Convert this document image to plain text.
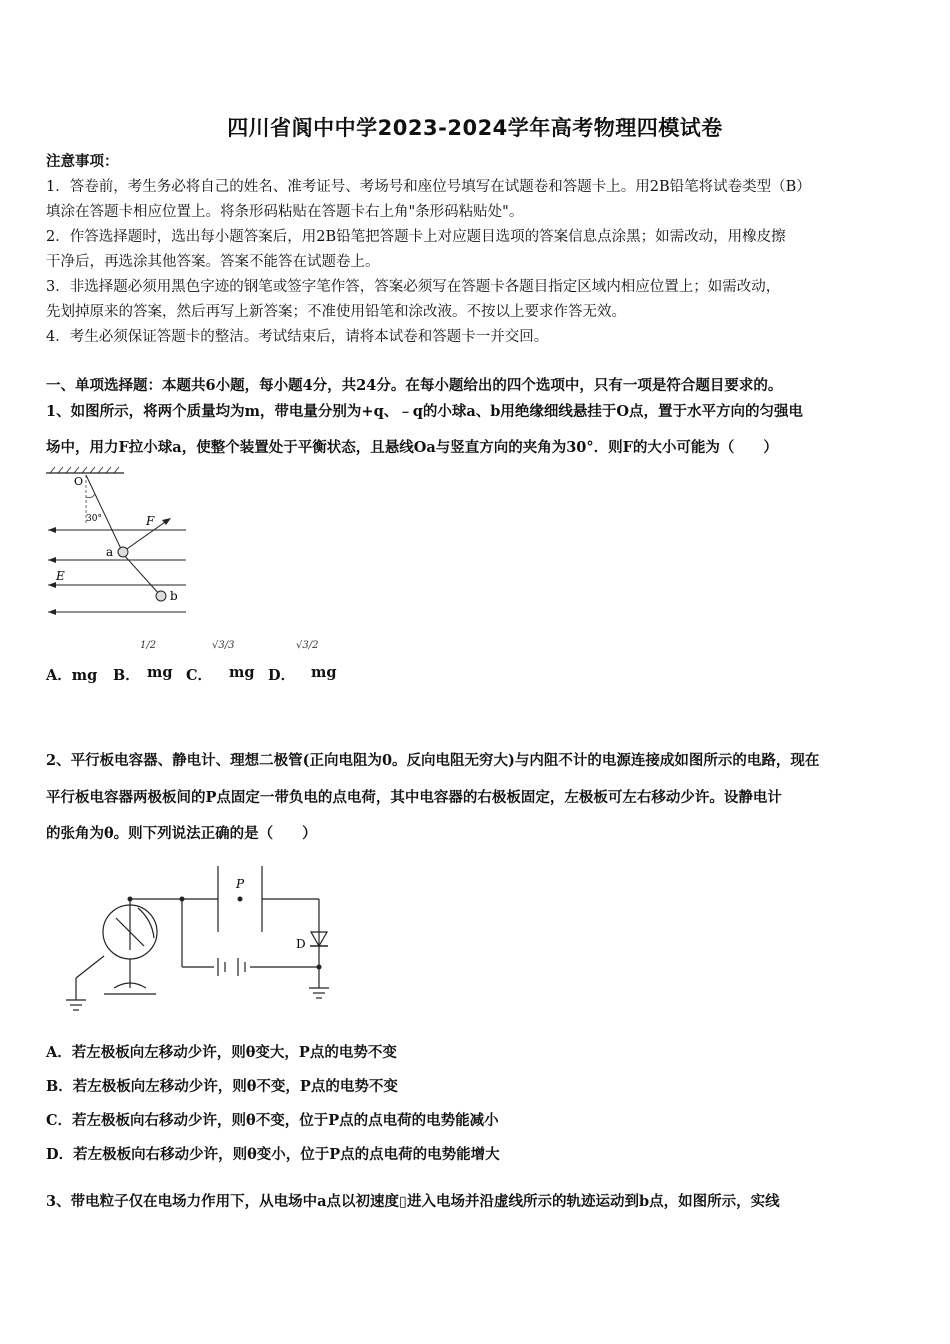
四川省阆中中学2023-2024学年高考物理四模试卷
注意事项：
1．答卷前，考生务必将自己的姓名、准考证号、考场号和座位号填写在试题卷和答题卡上。用2B铅笔将试卷类型（B）
填涂在答题卡相应位置上。将条形码粘贴在答题卡右上角"条形码粘贴处"。
2．作答选择题时，选出每小题答案后，用2B铅笔把答题卡上对应题目选项的答案信息点涂黑；如需改动，用橡皮擦
干净后，再选涂其他答案。答案不能答在试题卷上。
3．非选择题必须用黑色字迹的钢笔或签字笔作答，答案必须写在答题卡各题目指定区域内相应位置上；如需改动，
先划掉原来的答案，然后再写上新答案；不准使用铅笔和涂改液。不按以上要求作答无效。
4．考生必须保证答题卡的整洁。考试结束后，请将本试卷和答题卡一并交回。
一、单项选择题：本题共6小题，每小题4分，共24分。在每小题给出的四个选项中，只有一项是符合题目要求的。
1、如图所示，将两个质量均为m，带电量分别为+q、﹣q的小球a、b用绝缘细线悬挂于O点，置于水平方向的匀强电
场中，用力F拉小球a，使整个装置处于平衡状态，且悬线Oa与竖直方向的夹角为30°．则F的大小可能为（　　）
O
30°	F
E
a
b
A．mg B．
1/2
mg C．
√3/3
mg D．
√3/2
mg
2、平行板电容器、静电计、理想二极管(正向电阻为0。反向电阻无穷大)与内阻不计的电源连接成如图所示的电路，现在
平行板电容器两极板间的P点固定一带负电的点电荷，其中电容器的右极板固定，左极板可左右移动少许。设静电计
的张角为θ。则下列说法正确的是（　　）
P
D
A．若左极板向左移动少许，则θ变大，P点的电势不变
B．若左极板向左移动少许，则θ不变，P点的电势不变
C．若左极板向右移动少许，则θ不变，位于P点的点电荷的电势能减小
D．若左极板向右移动少许，则θ变小，位于P点的点电荷的电势能增大
3、带电粒子仅在电场力作用下，从电场中a点以初速度▯进入电场并沿虚线所示的轨迹运动到b点，如图所示，实线
